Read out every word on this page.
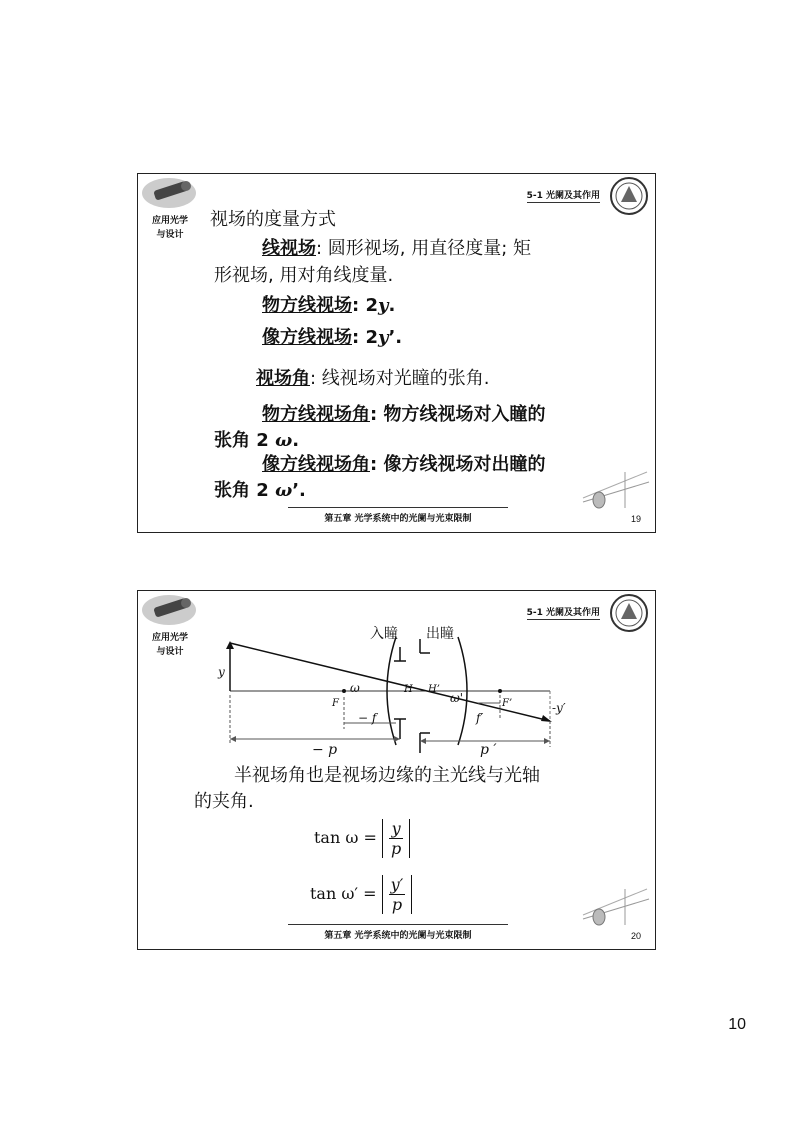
应用光学
与设计
5-1 光阑及其作用
视场的度量方式
线视场: 圆形视场, 用直径度量; 矩
形视场, 用对角线度量.
物方线视场: 2y.
像方线视场: 2y’.
视场角: 线视场对光瞳的张角.
物方线视场角: 物方线视场对入瞳的
张角 2 ω.
像方线视场角: 像方线视场对出瞳的
张角 2 ω’.
第五章 光学系统中的光阑与光束限制	19
应用光学
与设计
5-1 光阑及其作用
入瞳 出瞳
y
F
ω	H H’
ω'	F’	-y′
− f	f′
− p	p ′
半视场角也是视场边缘的主光线与光轴
的夹角.
$\tan \omega = \frac{y}{p}$
$\tan \omega' = \frac{y'}{p}$
第五章 光学系统中的光阑与光束限制	20
10
